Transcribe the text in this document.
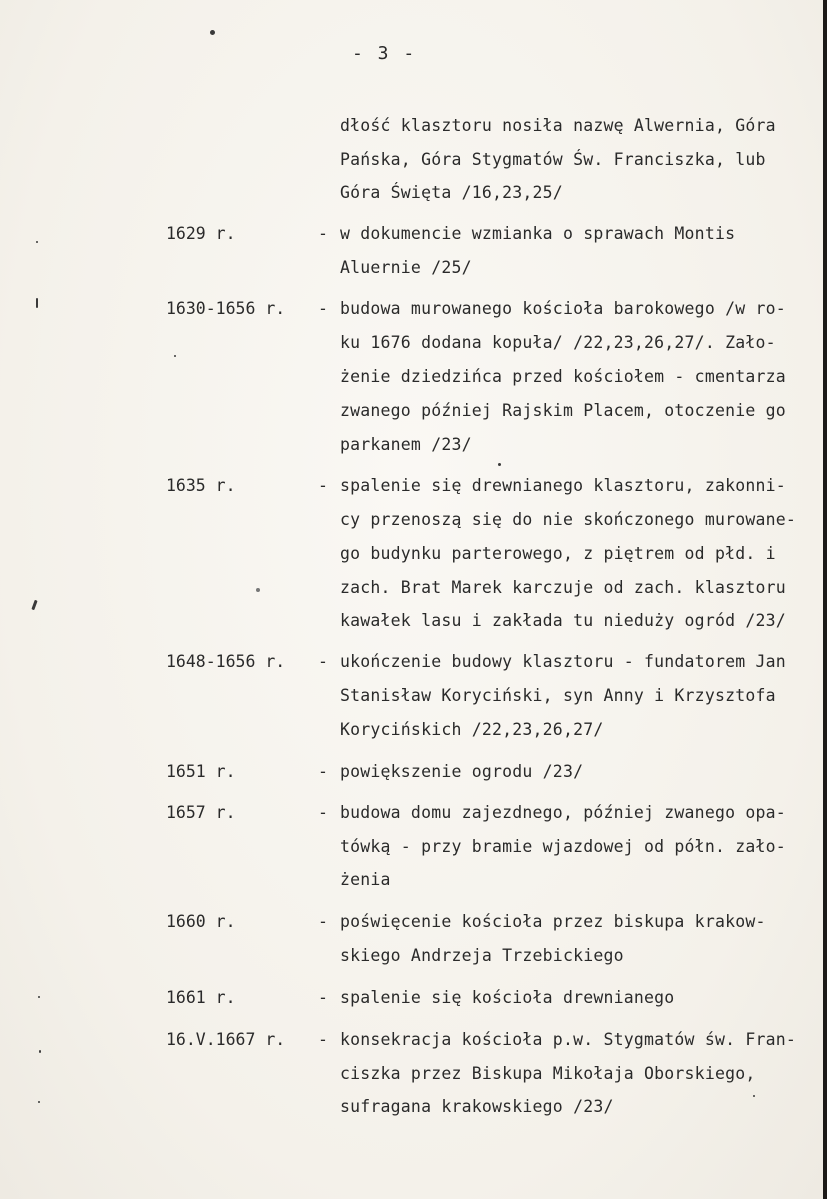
- 3 -
dłość klasztoru nosiła nazwę Alwernia, Góra
Pańska, Góra Stygmatów Św. Franciszka, lub
Góra Święta /16,23,25/
1629 r.	- w dokumencie wzmianka o sprawach Montis
Aluernie /25/
1630-1656 r. - budowa murowanego kościoła barokowego /w ro-
ku 1676 dodana kopuła/ /22,23,26,27/. Zało-
żenie dziedzińca przed kościołem - cmentarza
zwanego później Rajskim Placem, otoczenie go
parkanem /23/
1635 r.	- spalenie się drewnianego klasztoru, zakonni-
cy przenoszą się do nie skończonego murowane-
go budynku parterowego, z piętrem od płd. i
zach. Brat Marek karczuje od zach. klasztoru
kawałek lasu i zakłada tu nieduży ogród /23/
1648-1656 r. - ukończenie budowy klasztoru - fundatorem Jan
Stanisław Koryciński, syn Anny i Krzysztofa
Korycińskich /22,23,26,27/
1651 r.	- powiększenie ogrodu /23/
1657 r.	- budowa domu zajezdnego, później zwanego opa-
tówką - przy bramie wjazdowej od półn. zało-
żenia
1660 r.	- poświęcenie kościoła przez biskupa krakow-
skiego Andrzeja Trzebickiego
1661 r.	- spalenie się kościoła drewnianego
16.V.1667 r. - konsekracja kościoła p.w. Stygmatów św. Fran-
ciszka przez Biskupa Mikołaja Oborskiego,
sufragana krakowskiego /23/
